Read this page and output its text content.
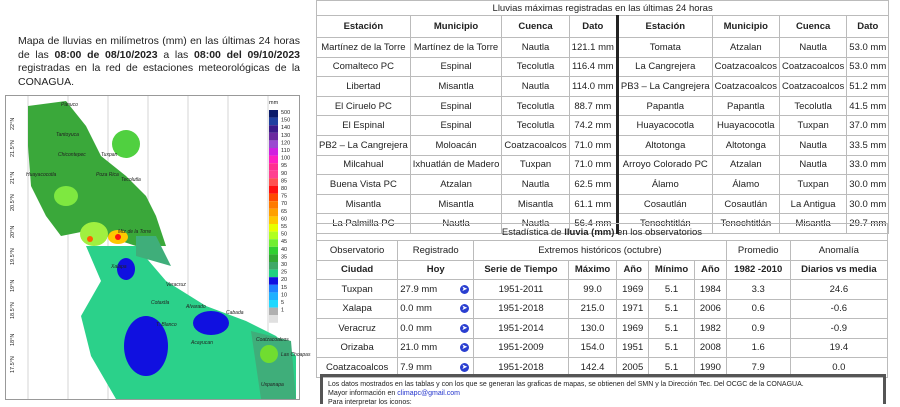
Mapa de lluvias en milímetros (mm) en las últimas 24 horas de las 08:00 de 08/10/2023 a las 08:00 del 09/10/2023 registradas en la red de estaciones meteorológicas de la CONAGUA.
22°N
21.5°N
21°N
20.5°N
20°N
19.5°N
19°N
18.5°N
18°N
17.5°N
Pánuco
Tantoyuca
Chicontepec	Tuxpan
Huayacocotla	Poza Rica
Tecolutla
Mtz de la Torre
Xalapa
Veracruz
Cotaxtla
Alvarado
Cabada
T. Blanco
Acayucan	Coatzacoalcos
Las Choapas
Uxpanapa
500
150
140
130
120
110
100
95
90
85
80
75
70
65
60
55
50
45
40
35
30
25
20
15
10
5
1
mm
Lluvias máximas registradas en las últimas 24 horas							
Estación	Municipio	Cuenca	Dato	Estación	Municipio	Cuenca	Dato
Martínez de la Torre	Martínez de la Torre	Nautla	121.1 mm	Tomata	Atzalan	Nautla	53.0 mm
Comalteco PC	Espinal	Tecolutla	116.4 mm	La Cangrejera	Coatzacoalcos	Coatzacoalcos	53.0 mm
Libertad	Misantla	Nautla	114.0 mm	PB3 – La Cangrejera	Coatzacoalcos	Coatzacoalcos	51.2 mm
El Ciruelo PC	Espinal	Tecolutla	88.7 mm	Papantla	Papantla	Tecolutla	41.5 mm
El Espinal	Espinal	Tecolutla	74.2 mm	Huayacocotla	Huayacocotla	Tuxpan	37.0 mm
PB2 – La Cangrejera	Moloacán	Coatzacoalcos	71.0 mm	Altotonga	Altotonga	Nautla	33.5 mm
Milcahual	Ixhuatlán de Madero	Tuxpan	71.0 mm	Arroyo Colorado PC	Atzalan	Nautla	33.0 mm
Buena Vista PC	Atzalan	Nautla	62.5 mm	Álamo	Álamo	Tuxpan	30.0 mm
Misantla	Misantla	Misantla	61.1 mm	Cosautlán	Cosautlán	La Antigua	30.0 mm
La Palmilla PC	Nautla	Nautla	56.4 mm	Tenochtitlán	Tenochtitlán	Misantla	29.7 mm
Estadística de lluvia (mm) en los observatorios									
Observatorio	Registrado		Extremos históricos (octubre)					Promedio	Anomalía
Ciudad	Hoy		Serie de Tiempo	Máximo	Año	Mínimo	Año	1982 -2010	Diarios vs media
Tuxpan	27.9 mm	➤	1951-2011	99.0	1969	5.1	1984	3.3	24.6
Xalapa	0.0 mm	➤	1951-2018	215.0	1971	5.1	2006	0.6	-0.6
Veracruz	0.0 mm	➤	1951-2014	130.0	1969	5.1	1982	0.9	-0.9
Orizaba	21.0 mm	➤	1951-2009	154.0	1951	5.1	2008	1.6	19.4
Coatzacoalcos	7.9 mm	➤	1951-2018	142.4	2005	5.1	1990	7.9	0.0
Los datos mostrados en las tablas y con los que se generan las graficas de mapas, se obtienen del SMN y la Dirección Tec. Del OCGC de la CONAGUA.
Mayor información en climapc@gmail.com
Para interpretar los iconos:
